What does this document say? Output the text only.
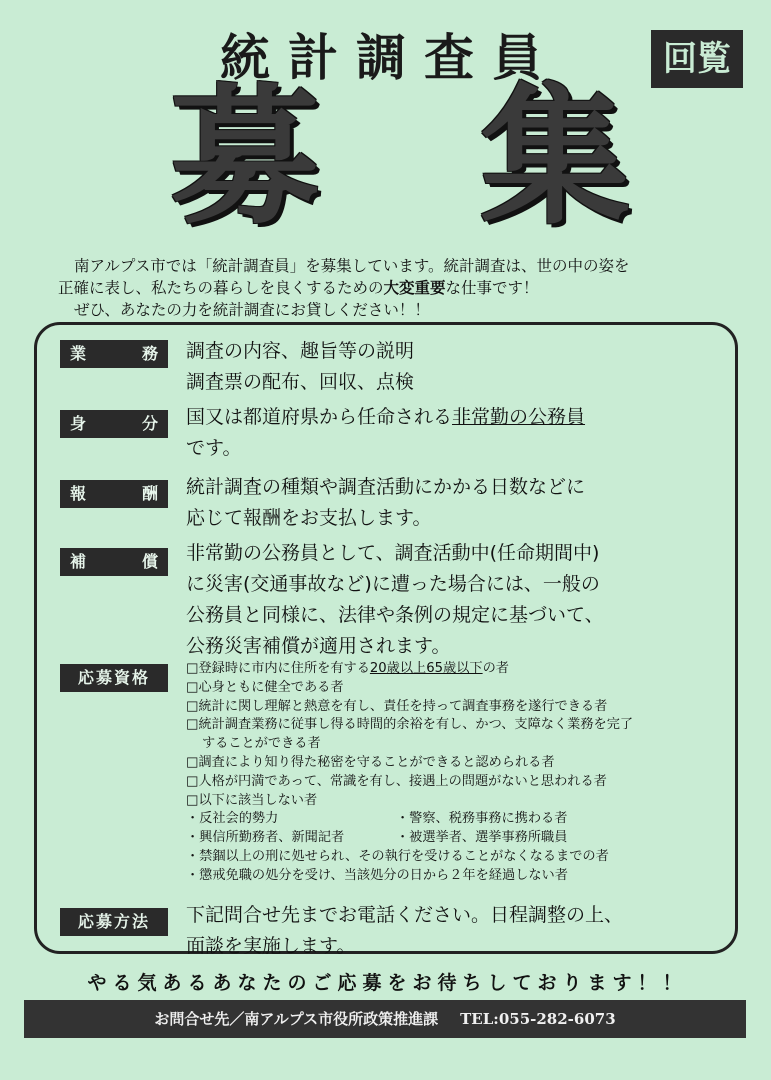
統計調査員	回覧
募 集

南アルプス市では「統計調査員」を募集しています。統計調査は、世の中の姿を

正確に表し、私たちの暮らしを良くするための大変重要な仕事です！

ぜひ、あなたの力を統計調査にお貸しください！！

業	務 調査の内容、趣旨等の説明

調査票の配布、回収、点検

身	分 国又は都道府県から任命される非常勤の公務員

です。

報	酬 統計調査の種類や調査活動にかかる日数などに

応じて報酬をお支払します。

補	償 非常勤の公務員として、調査活動中(任命期間中)

に災害(交通事故など)に遭った場合には、一般の

公務員と同様に、法律や条例の規定に基づいて、

公務災害補償が適用されます。

応募資格	□登録時に市内に住所を有する20歳以上65歳以下の者

□心身ともに健全である者

□統計に関し理解と熱意を有し、責任を持って調査事務を遂行できる者

□統計調査業務に従事し得る時間的余裕を有し、かつ、支障なく業務を完了

することができる者

□調査により知り得た秘密を守ることができると認められる者

□人格が円満であって、常識を有し、接遇上の問題がないと思われる者

□以下に該当しない者

・反社会的勢力	・警察、税務事務に携わる者

・興信所勤務者、新聞記者	・被選挙者、選挙事務所職員

・禁錮以上の刑に処せられ、その執行を受けることがなくなるまでの者

・懲戒免職の処分を受け、当該処分の日から２年を経過しない者

応募方法 下記問合せ先までお電話ください。日程調整の上、

面談を実施します。

やる気あるあなたのご応募をお待ちしております！！
お問合せ先／南アルプス市役所政策推進課 TEL:055-282-6073
